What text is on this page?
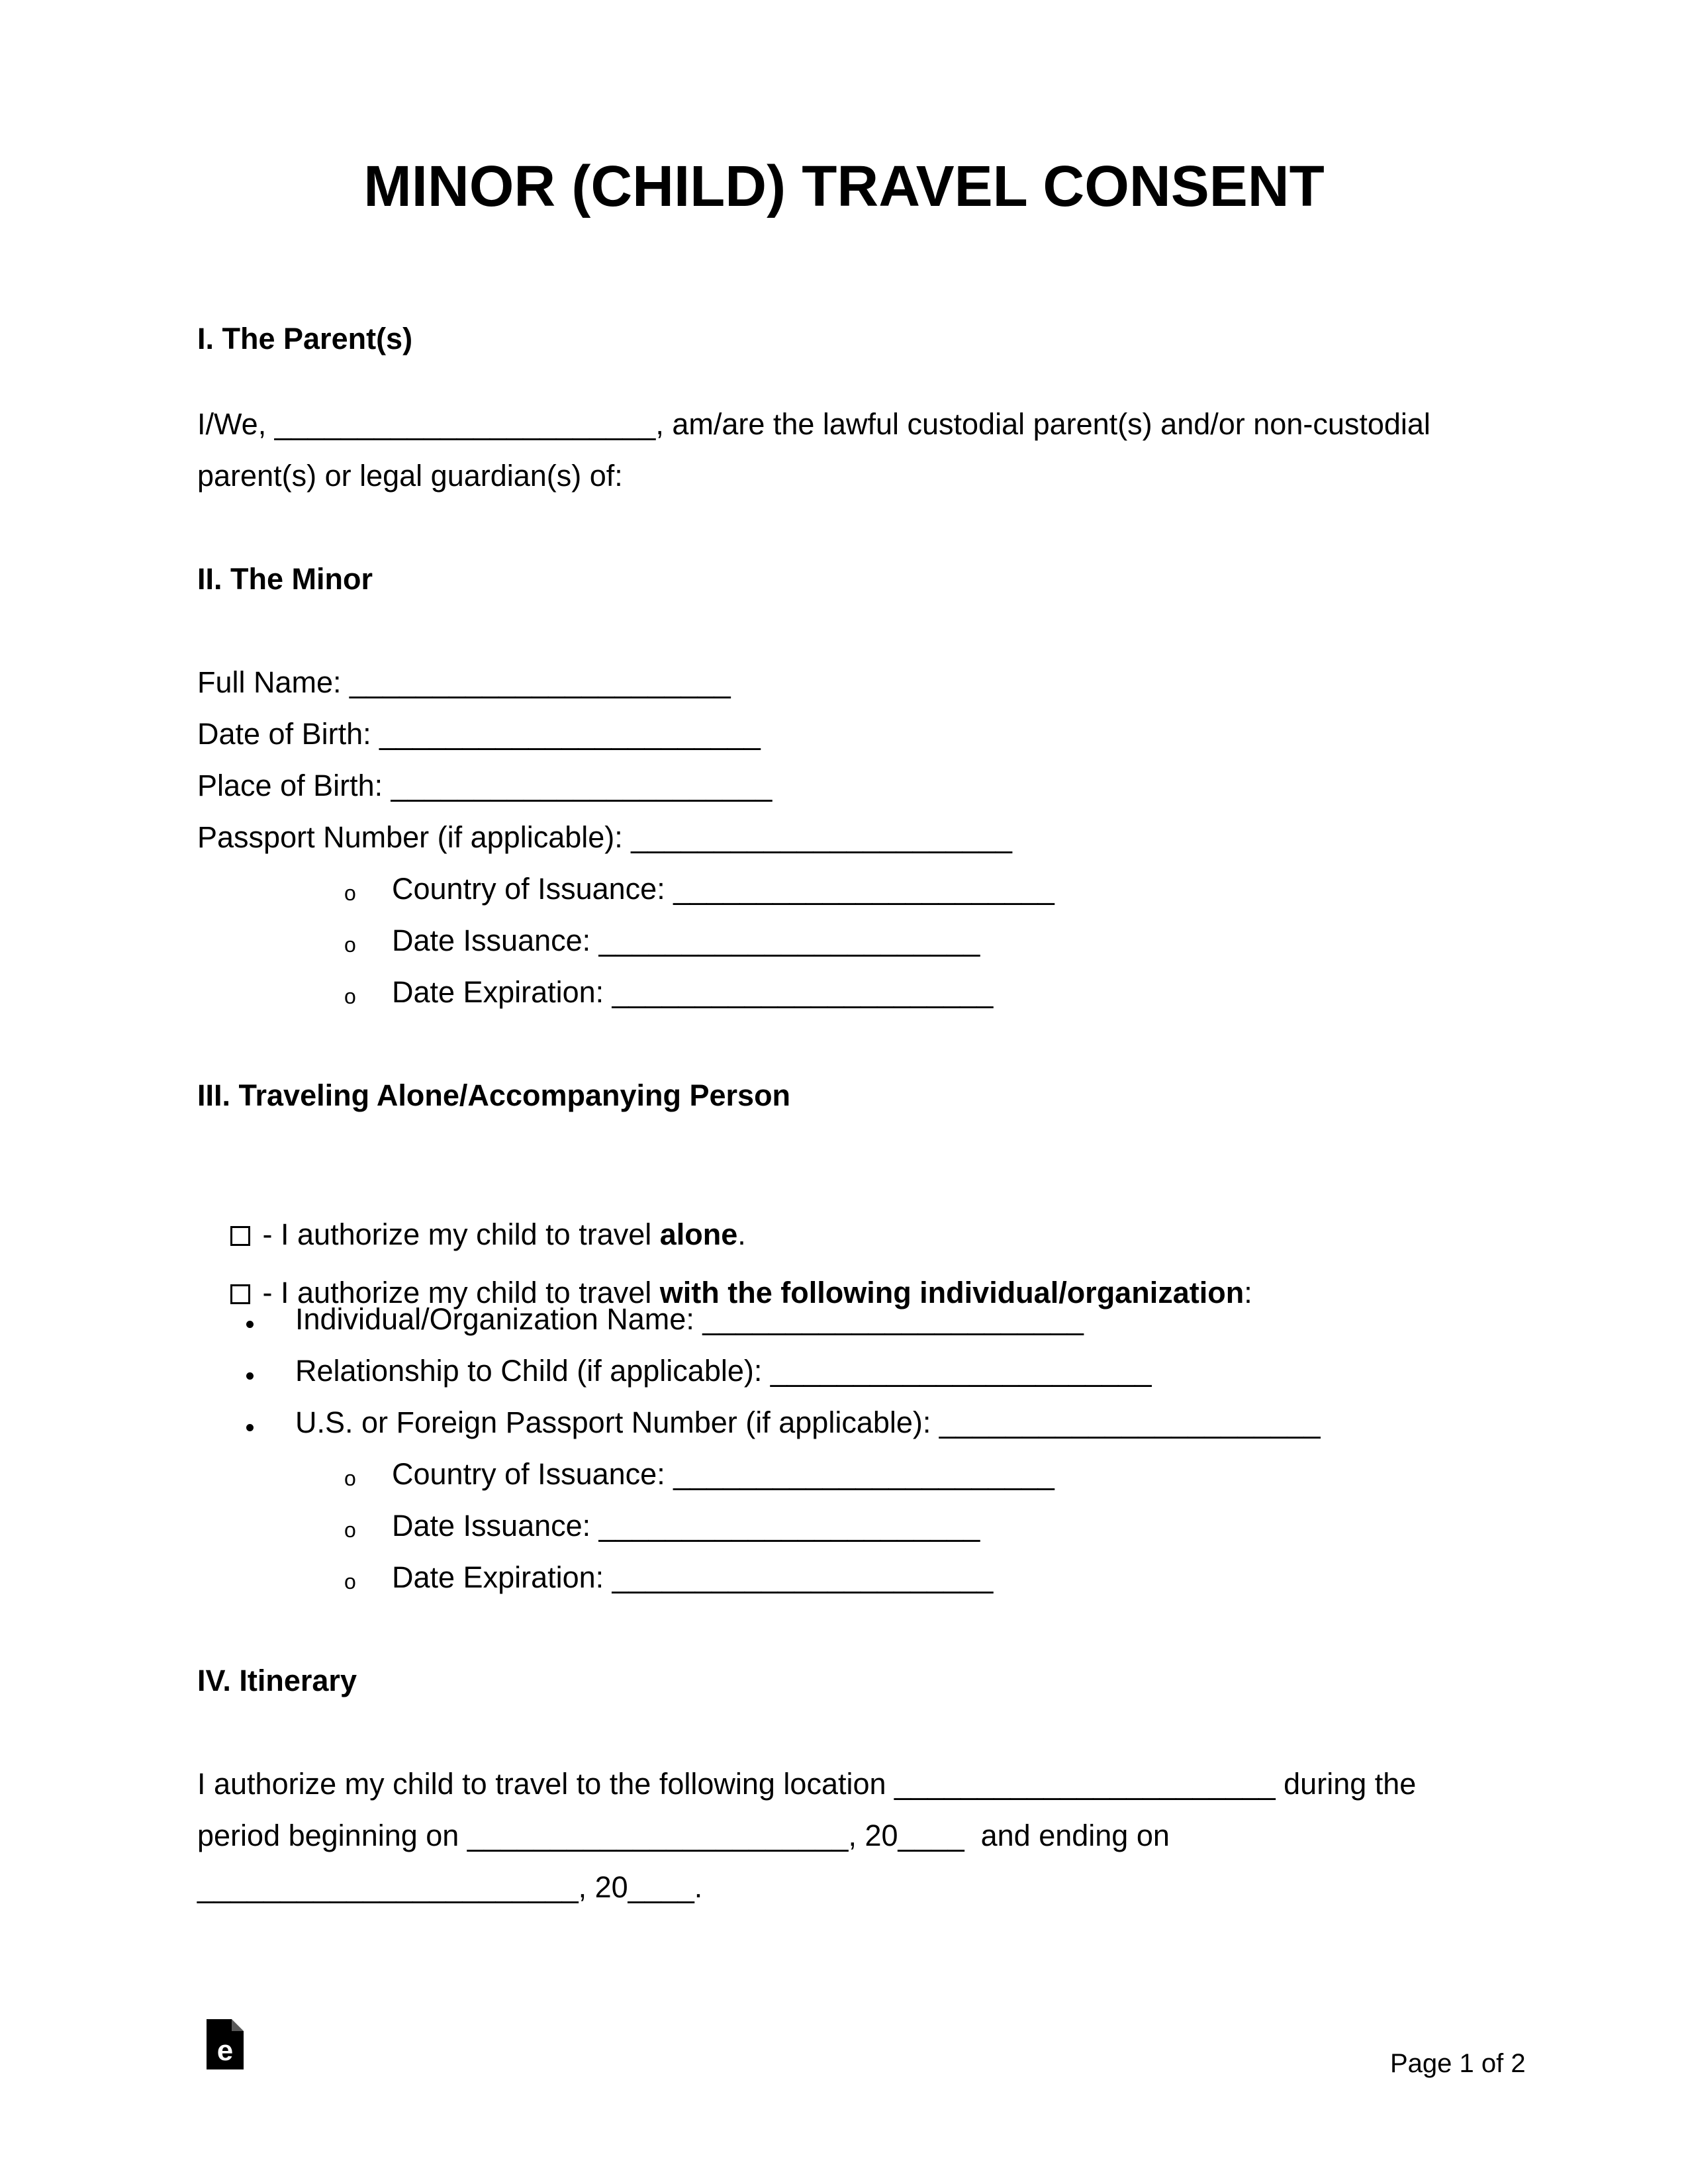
MINOR (CHILD) TRAVEL CONSENT
I. The Parent(s)
I/We, _______________________, am/are the lawful custodial parent(s) and/or non-custodial
parent(s) or legal guardian(s) of:
II. The Minor
Full Name: _______________________
Date of Birth: _______________________
Place of Birth: _______________________
Passport Number (if applicable): _______________________
o Country of Issuance: _______________________
o Date Issuance: _______________________
o Date Expiration: _______________________
III. Traveling Alone/Accompanying Person

- I authorize my child to travel alone.

- I authorize my child to travel with the following individual/organization:

Individual/Organization Name: _______________________
Relationship to Child (if applicable): _______________________
U.S. or Foreign Passport Number (if applicable): _______________________
o Country of Issuance: _______________________
o Date Issuance: _______________________
o Date Expiration: _______________________
IV. Itinerary
I authorize my child to travel to the following location _______________________ during the
period beginning on _______________________, 20____  and ending on
_______________________, 20____.
e	Page 1 of 2
